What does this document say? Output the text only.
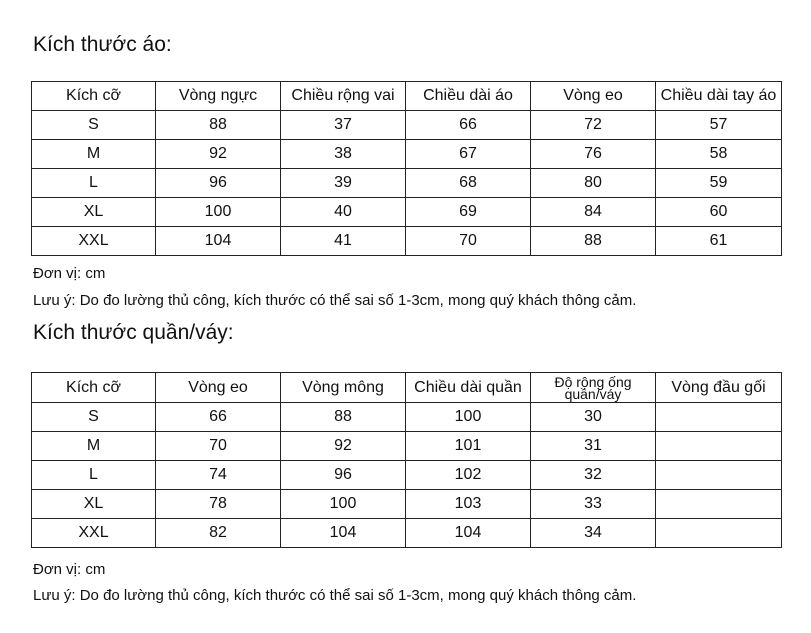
Kích thước áo:
Kích cỡ	Vòng ngực	Chiều rộng vai	Chiều dài áo	Vòng eo	Chiều dài tay áo
S	88	37	66	72	57
M	92	38	67	76	58
L	96	39	68	80	59
XL	100	40	69	84	60
XXL	104	41	70	88	61
Đơn vị: cm
Lưu ý: Do đo lường thủ công, kích thước có thể sai số 1-3cm, mong quý khách thông cảm.
Kích thước quần/váy:
Kích cỡ	Vòng eo	Vòng mông	Chiều dài quần	Độ rộng ống quần/váy	Vòng đầu gối
S	66	88	100	30	
M	70	92	101	31	
L	74	96	102	32	
XL	78	100	103	33	
XXL	82	104	104	34	
Đơn vị: cm
Lưu ý: Do đo lường thủ công, kích thước có thể sai số 1-3cm, mong quý khách thông cảm.
